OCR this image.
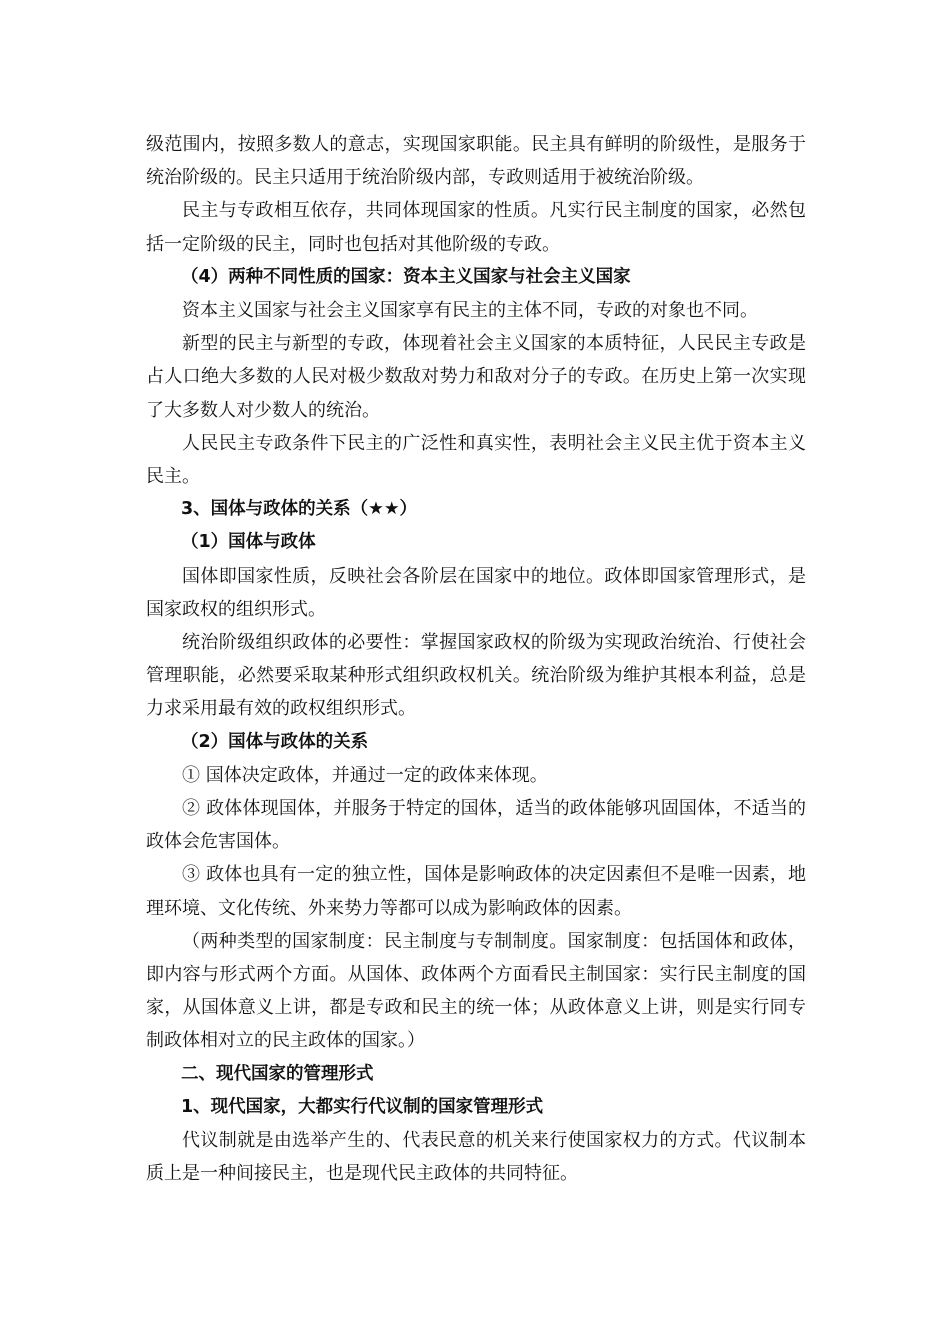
级范围内，按照多数人的意志，实现国家职能。民主具有鲜明的阶级性，是服务于统治阶级的。民主只适用于统治阶级内部，专政则适用于被统治阶级。

民主与专政相互依存，共同体现国家的性质。凡实行民主制度的国家，必然包括一定阶级的民主，同时也包括对其他阶级的专政。

（4）两种不同性质的国家：资本主义国家与社会主义国家

资本主义国家与社会主义国家享有民主的主体不同，专政的对象也不同。

新型的民主与新型的专政，体现着社会主义国家的本质特征，人民民主专政是占人口绝大多数的人民对极少数敌对势力和敌对分子的专政。在历史上第一次实现了大多数人对少数人的统治。

人民民主专政条件下民主的广泛性和真实性，表明社会主义民主优于资本主义民主。

3、国体与政体的关系（★★）

（1）国体与政体

国体即国家性质，反映社会各阶层在国家中的地位。政体即国家管理形式，是国家政权的组织形式。

统治阶级组织政体的必要性：掌握国家政权的阶级为实现政治统治、行使社会管理职能，必然要采取某种形式组织政权机关。统治阶级为维护其根本利益，总是力求采用最有效的政权组织形式。

（2）国体与政体的关系

① 国体决定政体，并通过一定的政体来体现。

② 政体体现国体，并服务于特定的国体，适当的政体能够巩固国体，不适当的政体会危害国体。

③ 政体也具有一定的独立性，国体是影响政体的决定因素但不是唯一因素，地理环境、文化传统、外来势力等都可以成为影响政体的因素。

（两种类型的国家制度：民主制度与专制制度。国家制度：包括国体和政体，即内容与形式两个方面。从国体、政体两个方面看民主制国家：实行民主制度的国家，从国体意义上讲，都是专政和民主的统一体；从政体意义上讲，则是实行同专制政体相对立的民主政体的国家。）

二、现代国家的管理形式

1、现代国家，大都实行代议制的国家管理形式

代议制就是由选举产生的、代表民意的机关来行使国家权力的方式。代议制本质上是一种间接民主，也是现代民主政体的共同特征。
